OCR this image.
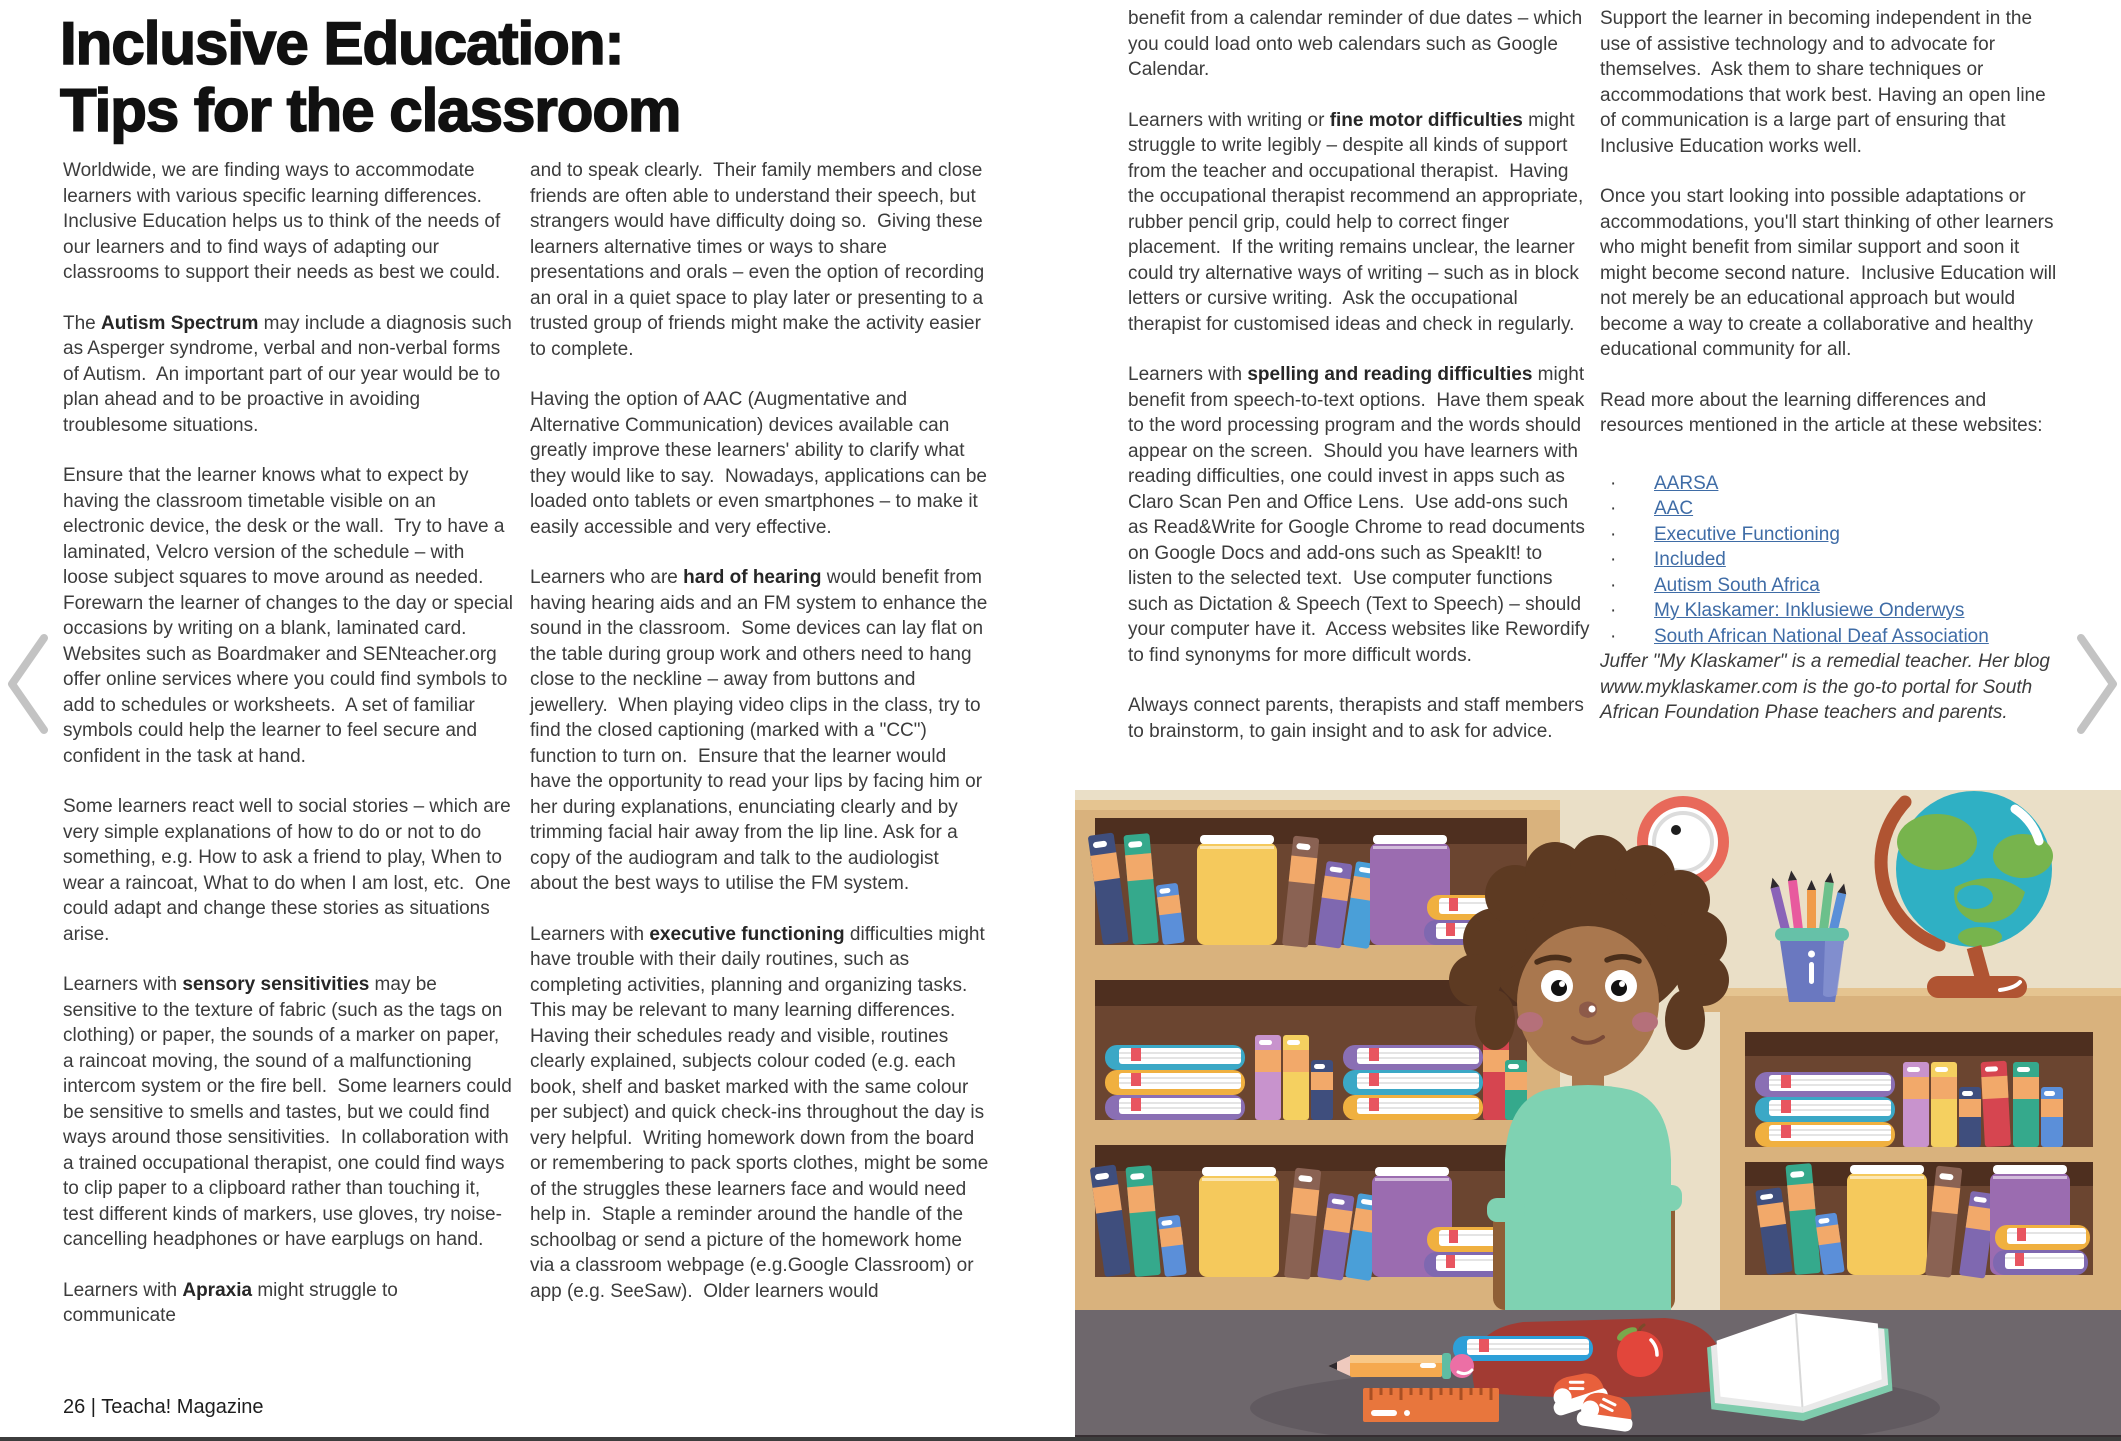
Inclusive Education:
Tips for the classroom

Worldwide, we are finding ways to accommodate learners with various specific learning differences. Inclusive Education helps us to think of the needs of our learners and to find ways of adapting our classrooms to support their needs as best we could.

The Autism Spectrum may include a diagnosis such as Asperger syndrome, verbal and non-verbal forms of Autism.  An important part of our year would be to plan ahead and to be proactive in avoiding troublesome situations.

Ensure that the learner knows what to expect by having the classroom timetable visible on an electronic device, the desk or the wall.  Try to have a laminated, Velcro version of the schedule – with loose subject squares to move around as needed.  Forewarn the learner of changes to the day or special occasions by writing on a blank, laminated card.  Websites such as Boardmaker and SENteacher.org offer online services where you could find symbols to add to schedules or worksheets.  A set of familiar symbols could help the learner to feel secure and confident in the task at hand.

Some learners react well to social stories – which are very simple explanations of how to do or not to do something, e.g. How to ask a friend to play, When to wear a raincoat, What to do when I am lost, etc.  One could adapt and change these stories as situations arise.

Learners with sensory sensitivities may be sensitive to the texture of fabric (such as the tags on clothing) or paper, the sounds of a marker on paper, a raincoat moving, the sound of a malfunctioning intercom system or the fire bell.  Some learners could be sensitive to smells and tastes, but we could find ways around those sensitivities.  In collaboration with a trained occupational therapist, one could find ways to clip paper to a clipboard rather than touching it, test different kinds of markers, use gloves, try noise-cancelling headphones or have earplugs on hand.

Learners with Apraxia might struggle to communicate

and to speak clearly.  Their family members and close friends are often able to understand their speech, but strangers would have difficulty doing so.  Giving these learners alternative times or ways to share presentations and orals – even the option of recording an oral in a quiet space to play later or presenting to a trusted group of friends might make the activity easier to complete.

Having the option of AAC (Augmentative and Alternative Communication) devices available can greatly improve these learners' ability to clarify what they would like to say.  Nowadays, applications can be loaded onto tablets or even smartphones – to make it easily accessible and very effective.

Learners who are hard of hearing would benefit from having hearing aids and an FM system to enhance the sound in the classroom.  Some devices can lay flat on the table during group work and others need to hang close to the neckline – away from buttons and jewellery.  When playing video clips in the class, try to find the closed captioning (marked with a "CC") function to turn on.  Ensure that the learner would have the opportunity to read your lips by facing him or her during explanations, enunciating clearly and by trimming facial hair away from the lip line. Ask for a copy of the audiogram and talk to the audiologist about the best ways to utilise the FM system.

Learners with executive functioning difficulties might have trouble with their daily routines, such as completing activities, planning and organizing tasks. This may be relevant to many learning differences. Having their schedules ready and visible, routines clearly explained, subjects colour coded (e.g. each book, shelf and basket marked with the same colour per subject) and quick check-ins throughout the day is very helpful.  Writing homework down from the board or remembering to pack sports clothes, might be some of the struggles these learners face and would need help in.  Staple a reminder around the handle of the schoolbag or send a picture of the homework home via a classroom webpage (e.g.Google Classroom) or app (e.g. SeeSaw).  Older learners would

benefit from a calendar reminder of due dates – which you could load onto web calendars such as Google Calendar.

Learners with writing or fine motor difficulties might struggle to write legibly – despite all kinds of support from the teacher and occupational therapist.  Having the occupational therapist recommend an appropriate, rubber pencil grip, could help to correct finger placement.  If the writing remains unclear, the learner could try alternative ways of writing – such as in block letters or cursive writing.  Ask the occupational therapist for customised ideas and check in regularly.

Learners with spelling and reading difficulties might benefit from speech-to-text options.  Have them speak to the word processing program and the words should appear on the screen.  Should you have learners with reading difficulties, one could invest in apps such as Claro Scan Pen and Office Lens.  Use add-ons such as Read&Write for Google Chrome to read documents on Google Docs and add-ons such as SpeakIt! to listen to the selected text.  Use computer functions such as Dictation & Speech (Text to Speech) – should your computer have it.  Access websites like Rewordify to find synonyms for more difficult words.

Always connect parents, therapists and staff members to brainstorm, to gain insight and to ask for advice.

Support the learner in becoming independent in the use of assistive technology and to advocate for themselves.  Ask them to share techniques or accommodations that work best. Having an open line of communication is a large part of ensuring that Inclusive Education works well.

Once you start looking into possible adaptations or accommodations, you'll start thinking of other learners who might benefit from similar support and soon it might become second nature.  Inclusive Education will not merely be an educational approach but would become a way to create a collaborative and healthy educational community for all.

Read more about the learning differences and resources mentioned in the article at these websites:

·	AARSA
·	AAC
·	Executive Functioning
·	Included
·	Autism South Africa
·	My Klaskamer: Inklusiewe Onderwys
·	South African National Deaf Association

Juffer "My Klaskamer" is a remedial teacher. Her blog www.myklaskamer.com is the go-to portal for South African Foundation Phase teachers and parents.

26 | Teacha! Magazine
